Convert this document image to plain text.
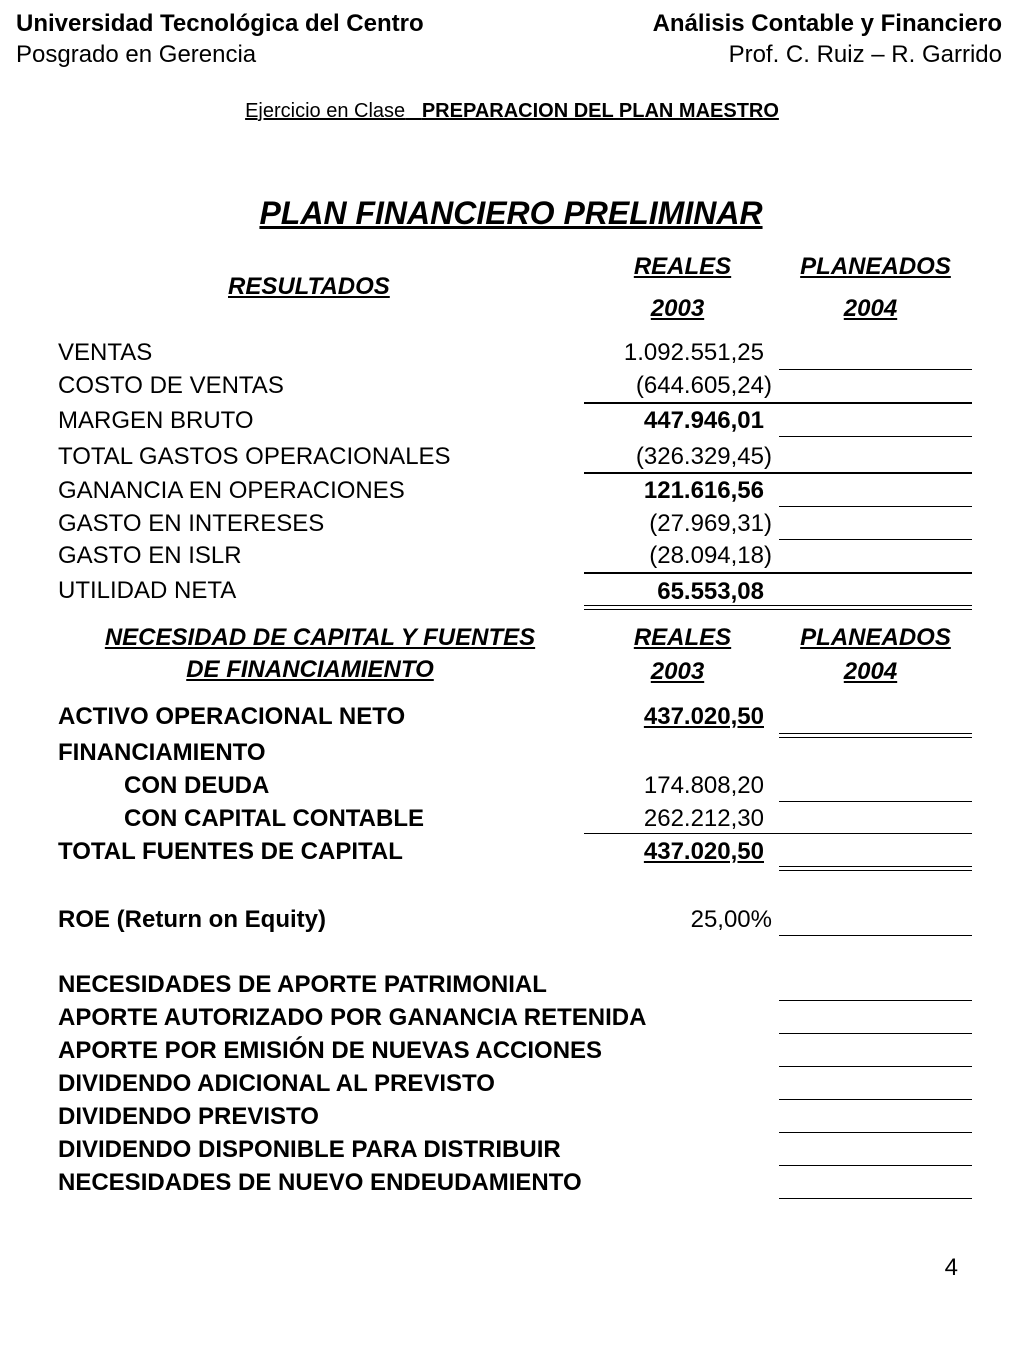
Universidad Tecnológica del Centro
Posgrado en Gerencia
Análisis Contable y Financiero
Prof. C. Ruiz – R. Garrido
Ejercicio en Clase PREPARACION DEL PLAN MAESTRO
PLAN FINANCIERO PRELIMINAR
RESULTADOS
REALES	PLANEADOS
2003	2004
VENTAS	1.092.551,25
COSTO DE VENTAS	(644.605,24)
MARGEN BRUTO	447.946,01
TOTAL GASTOS OPERACIONALES	(326.329,45)
GANANCIA EN OPERACIONES	121.616,56
GASTO EN INTERESES	(27.969,31)
GASTO EN ISLR	(28.094,18)
UTILIDAD NETA	65.553,08
NECESIDAD DE CAPITAL Y FUENTES
DE FINANCIAMIENTO
REALES	PLANEADOS
2003	2004
ACTIVO OPERACIONAL NETO	437.020,50
FINANCIAMIENTO
CON DEUDA	174.808,20
CON CAPITAL CONTABLE	262.212,30
TOTAL FUENTES DE CAPITAL	437.020,50
ROE (Return on Equity)	25,00%
NECESIDADES DE APORTE PATRIMONIAL
APORTE AUTORIZADO POR GANANCIA RETENIDA
APORTE POR EMISIÓN DE NUEVAS ACCIONES
DIVIDENDO ADICIONAL AL PREVISTO
DIVIDENDO PREVISTO
DIVIDENDO DISPONIBLE PARA DISTRIBUIR
NECESIDADES DE NUEVO ENDEUDAMIENTO
4
